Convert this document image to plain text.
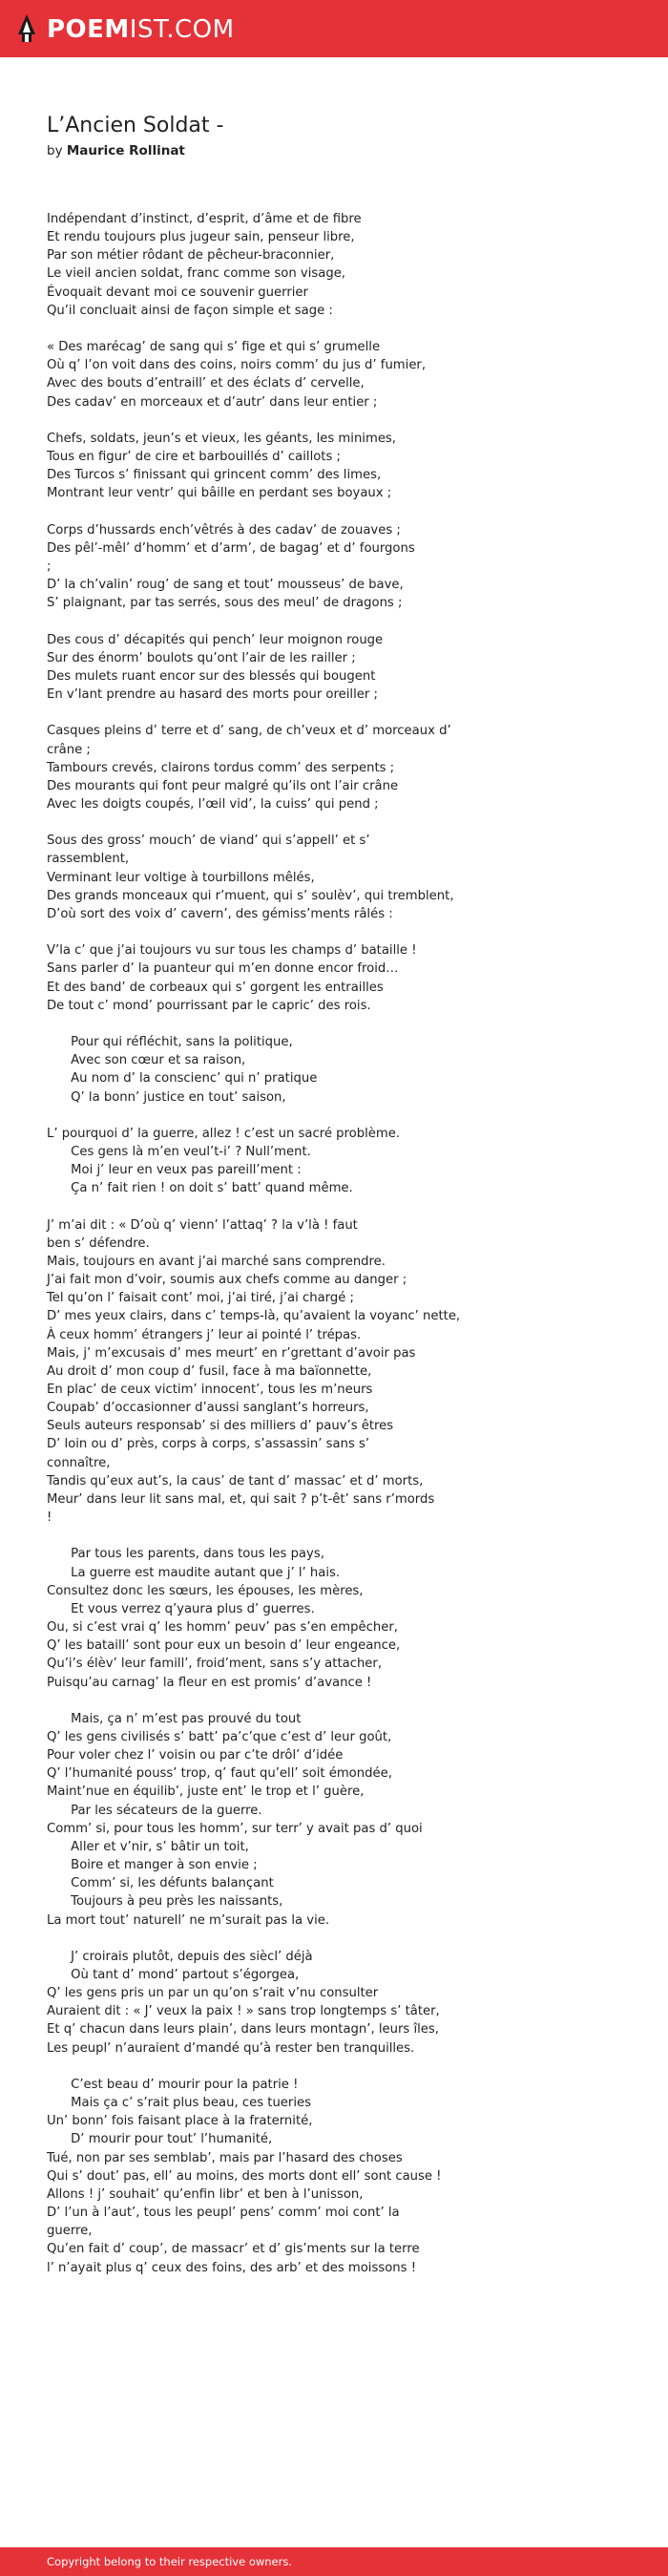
POEMIST.COM
L’Ancien Soldat -
by Maurice Rollinat
Indépendant d’instinct, d’esprit, d’âme et de fibre
Et rendu toujours plus jugeur sain, penseur libre,
Par son métier rôdant de pêcheur-braconnier,
Le vieil ancien soldat, franc comme son visage,
Évoquait devant moi ce souvenir guerrier
Qu’il concluait ainsi de façon simple et sage :

« Des marécag’ de sang qui s’ fige et qui s’ grumelle
Où q’ l’on voit dans des coins, noirs comm’ du jus d’ fumier,
Avec des bouts d’entraill’ et des éclats d’ cervelle,
Des cadav’ en morceaux et d’autr’ dans leur entier ;

Chefs, soldats, jeun’s et vieux, les géants, les minimes,
Tous en figur’ de cire et barbouillés d’ caillots ;
Des Turcos s’ finissant qui grincent comm’ des limes,
Montrant leur ventr’ qui bâille en perdant ses boyaux ;

Corps d’hussards ench’vêtrés à des cadav’ de zouaves ;
Des pêl’-mêl’ d’homm’ et d’arm’, de bagag’ et d’ fourgons
;
D’ la ch’valin’ roug’ de sang et tout’ mousseus’ de bave,
S’ plaignant, par tas serrés, sous des meul’ de dragons ;

Des cous d’ décapités qui pench’ leur moignon rouge
Sur des énorm’ boulots qu’ont l’air de les railler ;
Des mulets ruant encor sur des blessés qui bougent
En v’lant prendre au hasard des morts pour oreiller ;

Casques pleins d’ terre et d’ sang, de ch’veux et d’ morceaux d’
crâne ;
Tambours crevés, clairons tordus comm’ des serpents ;
Des mourants qui font peur malgré qu’ils ont l’air crâne
Avec les doigts coupés, l’œil vid’, la cuiss’ qui pend ;

Sous des gross’ mouch’ de viand’ qui s’appell’ et s’
rassemblent,
Verminant leur voltige à tourbillons mêlés,
Des grands monceaux qui r’muent, qui s’ soulèv’, qui tremblent,
D’où sort des voix d’ cavern’, des gémiss’ments râlés :

V’la c’ que j’ai toujours vu sur tous les champs d’ bataille !
Sans parler d’ la puanteur qui m’en donne encor froid…
Et des band’ de corbeaux qui s’ gorgent les entrailles
De tout c’ mond’ pourrissant par le capric’ des rois.

Pour qui réfléchit, sans la politique,
Avec son cœur et sa raison,
Au nom d’ la conscienc’ qui n’ pratique
Q’ la bonn’ justice en tout’ saison,

L’ pourquoi d’ la guerre, allez ! c’est un sacré problème.
Ces gens là m’en veul’t-i’ ? Null’ment.
Moi j’ leur en veux pas pareill’ment :
Ça n’ fait rien ! on doit s’ batt’ quand même.

J’ m’ai dit : « D’où q’ vienn’ l’attaq’ ? la v’là ! faut
ben s’ défendre.
Mais, toujours en avant j’ai marché sans comprendre.
J’ai fait mon d’voir, soumis aux chefs comme au danger ;
Tel qu’on l’ faisait cont’ moi, j’ai tiré, j’ai chargé ;
D’ mes yeux clairs, dans c’ temps-là, qu’avaient la voyanc’ nette,
À ceux homm’ étrangers j’ leur ai pointé l’ trépas.
Mais, j’ m’excusais d’ mes meurt’ en r’grettant d’avoir pas
Au droit d’ mon coup d’ fusil, face à ma baïonnette,
En plac’ de ceux victim’ innocent’, tous les m’neurs
Coupab’ d’occasionner d’aussi sanglant’s horreurs,
Seuls auteurs responsab’ si des milliers d’ pauv’s êtres
D’ loin ou d’ près, corps à corps, s’assassin’ sans s’
connaître,
Tandis qu’eux aut’s, la caus’ de tant d’ massac’ et d’ morts,
Meur’ dans leur lit sans mal, et, qui sait ? p’t-êt’ sans r’mords
!

Par tous les parents, dans tous les pays,
La guerre est maudite autant que j’ l’ hais.
Consultez donc les sœurs, les épouses, les mères,
Et vous verrez q’yaura plus d’ guerres.
Ou, si c’est vrai q’ les homm’ peuv’ pas s’en empêcher,
Q’ les bataill’ sont pour eux un besoin d’ leur engeance,
Qu’i’s élèv’ leur famill’, froid’ment, sans s’y attacher,
Puisqu’au carnag’ la fleur en est promis’ d’avance !

Mais, ça n’ m’est pas prouvé du tout
Q’ les gens civilisés s’ batt’ pa’c’que c’est d’ leur goût,
Pour voler chez l’ voisin ou par c’te drôl’ d’idée
Q’ l’humanité pouss’ trop, q’ faut qu’ell’ soit émondée,
Maint’nue en équilib’, juste ent’ le trop et l’ guère,
Par les sécateurs de la guerre.
Comm’ si, pour tous les homm’, sur terr’ y avait pas d’ quoi
Aller et v’nir, s’ bâtir un toit,
Boire et manger à son envie ;
Comm’ si, les défunts balançant
Toujours à peu près les naissants,
La mort tout’ naturell’ ne m’surait pas la vie.

J’ croirais plutôt, depuis des siècl’ déjà
Où tant d’ mond’ partout s’égorgea,
Q’ les gens pris un par un qu’on s’rait v’nu consulter
Auraient dit : « J’ veux la paix ! » sans trop longtemps s’ tâter,
Et q’ chacun dans leurs plain’, dans leurs montagn’, leurs îles,
Les peupl’ n’auraient d’mandé qu’à rester ben tranquilles.

C’est beau d’ mourir pour la patrie !
Mais ça c’ s’rait plus beau, ces tueries
Un’ bonn’ fois faisant place à la fraternité,
D’ mourir pour tout’ l’humanité,
Tué, non par ses semblab’, mais par l’hasard des choses
Qui s’ dout’ pas, ell’ au moins, des morts dont ell’ sont cause !
Allons ! j’ souhait’ qu’enfin libr’ et ben à l’unisson,
D’ l’un à l’aut’, tous les peupl’ pens’ comm’ moi cont’ la
guerre,
Qu’en fait d’ coup’, de massacr’ et d’ gis’ments sur la terre
l’ n’ayait plus q’ ceux des foins, des arb’ et des moissons !
Copyright belong to their respective owners.
